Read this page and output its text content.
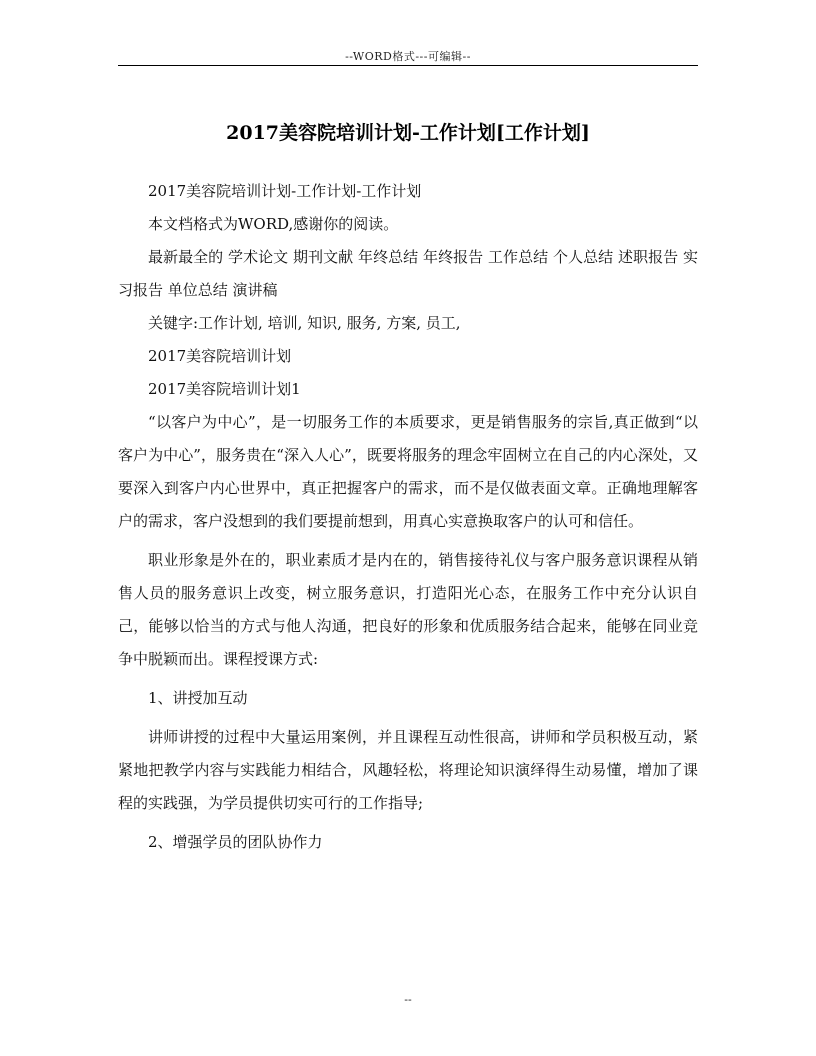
--WORD格式---可编辑--
2017美容院培训计划-工作计划[工作计划]

2017美容院培训计划-工作计划-工作计划

本文档格式为WORD,感谢你的阅读。

最新最全的 学术论文 期刊文献 年终总结 年终报告 工作总结 个人总结 述职报告 实习报告 单位总结 演讲稿

关键字:工作计划, 培训, 知识, 服务, 方案, 员工,

2017美容院培训计划

2017美容院培训计划1

“以客户为中心”，是一切服务工作的本质要求，更是销售服务的宗旨,真正做到“以客户为中心”，服务贵在“深入人心”，既要将服务的理念牢固树立在自己的内心深处，又要深入到客户内心世界中，真正把握客户的需求，而不是仅做表面文章。正确地理解客户的需求，客户没想到的我们要提前想到，用真心实意换取客户的认可和信任。

职业形象是外在的，职业素质才是内在的，销售接待礼仪与客户服务意识课程从销售人员的服务意识上改变，树立服务意识，打造阳光心态，在服务工作中充分认识自己，能够以恰当的方式与他人沟通，把良好的形象和优质服务结合起来，能够在同业竞争中脱颖而出。课程授课方式:

1、讲授加互动

讲师讲授的过程中大量运用案例，并且课程互动性很高，讲师和学员积极互动，紧紧地把教学内容与实践能力相结合，风趣轻松，将理论知识演绎得生动易懂，增加了课程的实践强，为学员提供切实可行的工作指导;

2、增强学员的团队协作力

--
